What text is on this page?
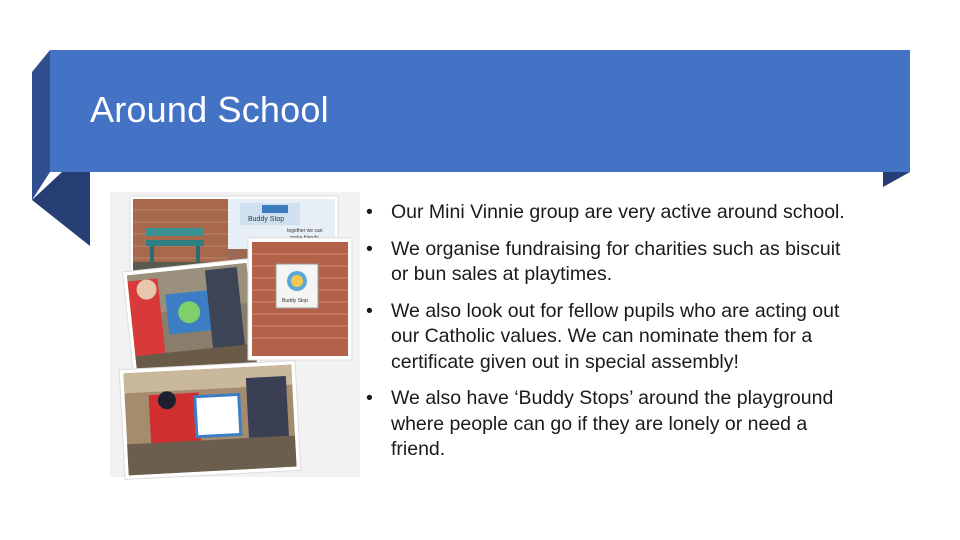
Around School
Buddy Stop
together we can
Buddy Stop
• Our Mini Vinnie group are very active around school.
• We organise fundraising for charities such as biscuit or bun sales at playtimes.
• We also look out for fellow pupils who are acting out our Catholic values. We can nominate them for a certificate given out in special assembly!
• We also have ‘Buddy Stops’ around the playground where people can go if they are lonely or need a friend.
